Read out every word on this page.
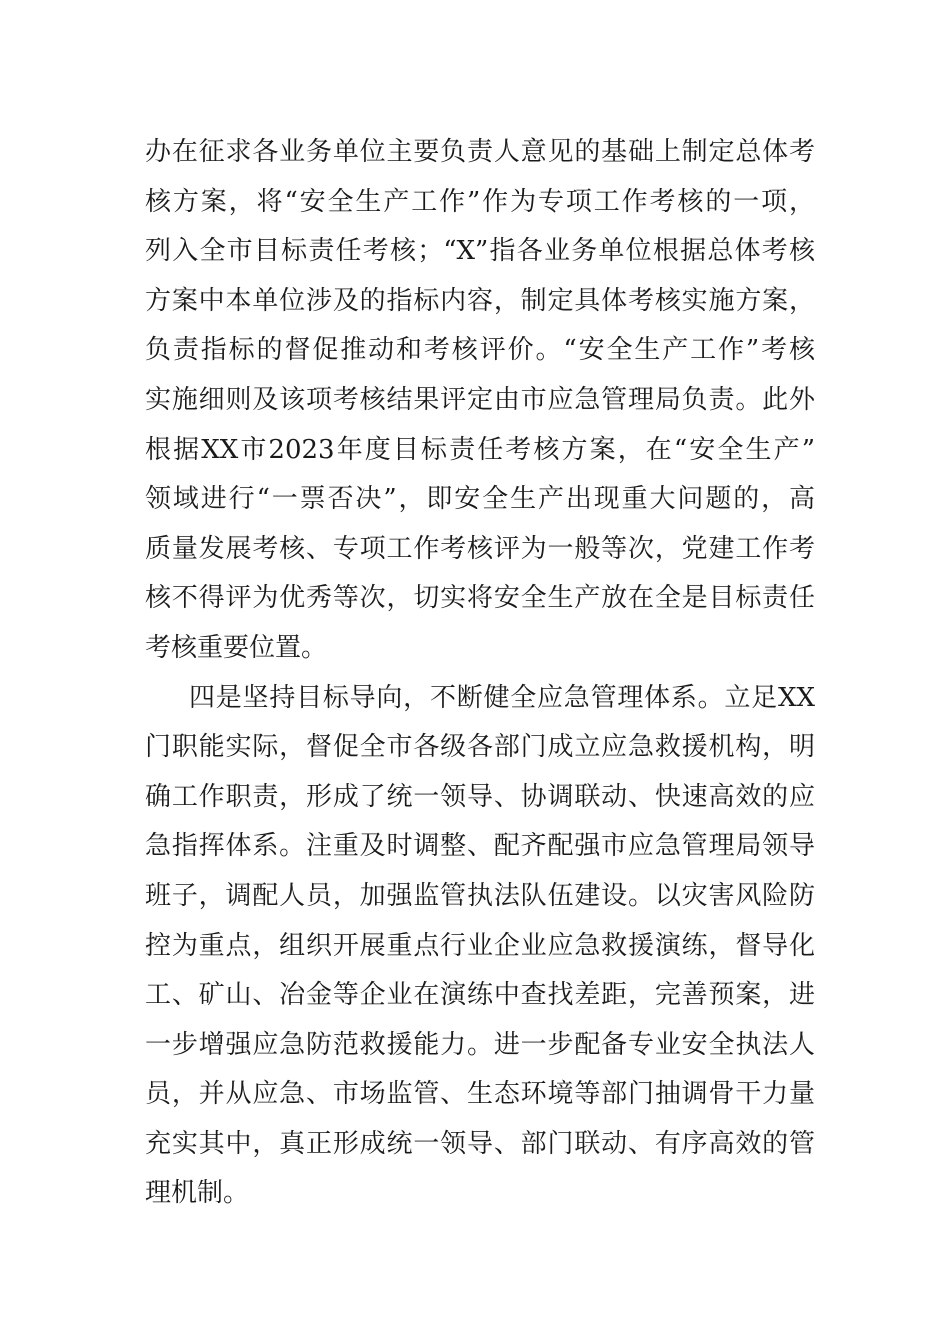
办在征求各业务单位主要负责人意见的基础上制定总体考
核方案，将“安全生产工作”作为专项工作考核的一项，
列入全市目标责任考核；“X”指各业务单位根据总体考核
方案中本单位涉及的指标内容，制定具体考核实施方案，
负责指标的督促推动和考核评价。“安全生产工作”考核
实施细则及该项考核结果评定由市应急管理局负责。此外
根据XX市2023年度目标责任考核方案，在“安全生产”
领域进行“一票否决”，即安全生产出现重大问题的，高
质量发展考核、专项工作考核评为一般等次，党建工作考
核不得评为优秀等次，切实将安全生产放在全是目标责任
考核重要位置。
四是坚持目标导向，不断健全应急管理体系。立足XX
门职能实际，督促全市各级各部门成立应急救援机构，明
确工作职责，形成了统一领导、协调联动、快速高效的应
急指挥体系。注重及时调整、配齐配强市应急管理局领导
班子，调配人员，加强监管执法队伍建设。以灾害风险防
控为重点，组织开展重点行业企业应急救援演练，督导化
工、矿山、冶金等企业在演练中查找差距，完善预案，进
一步增强应急防范救援能力。进一步配备专业安全执法人
员，并从应急、市场监管、生态环境等部门抽调骨干力量
充实其中，真正形成统一领导、部门联动、有序高效的管
理机制。
